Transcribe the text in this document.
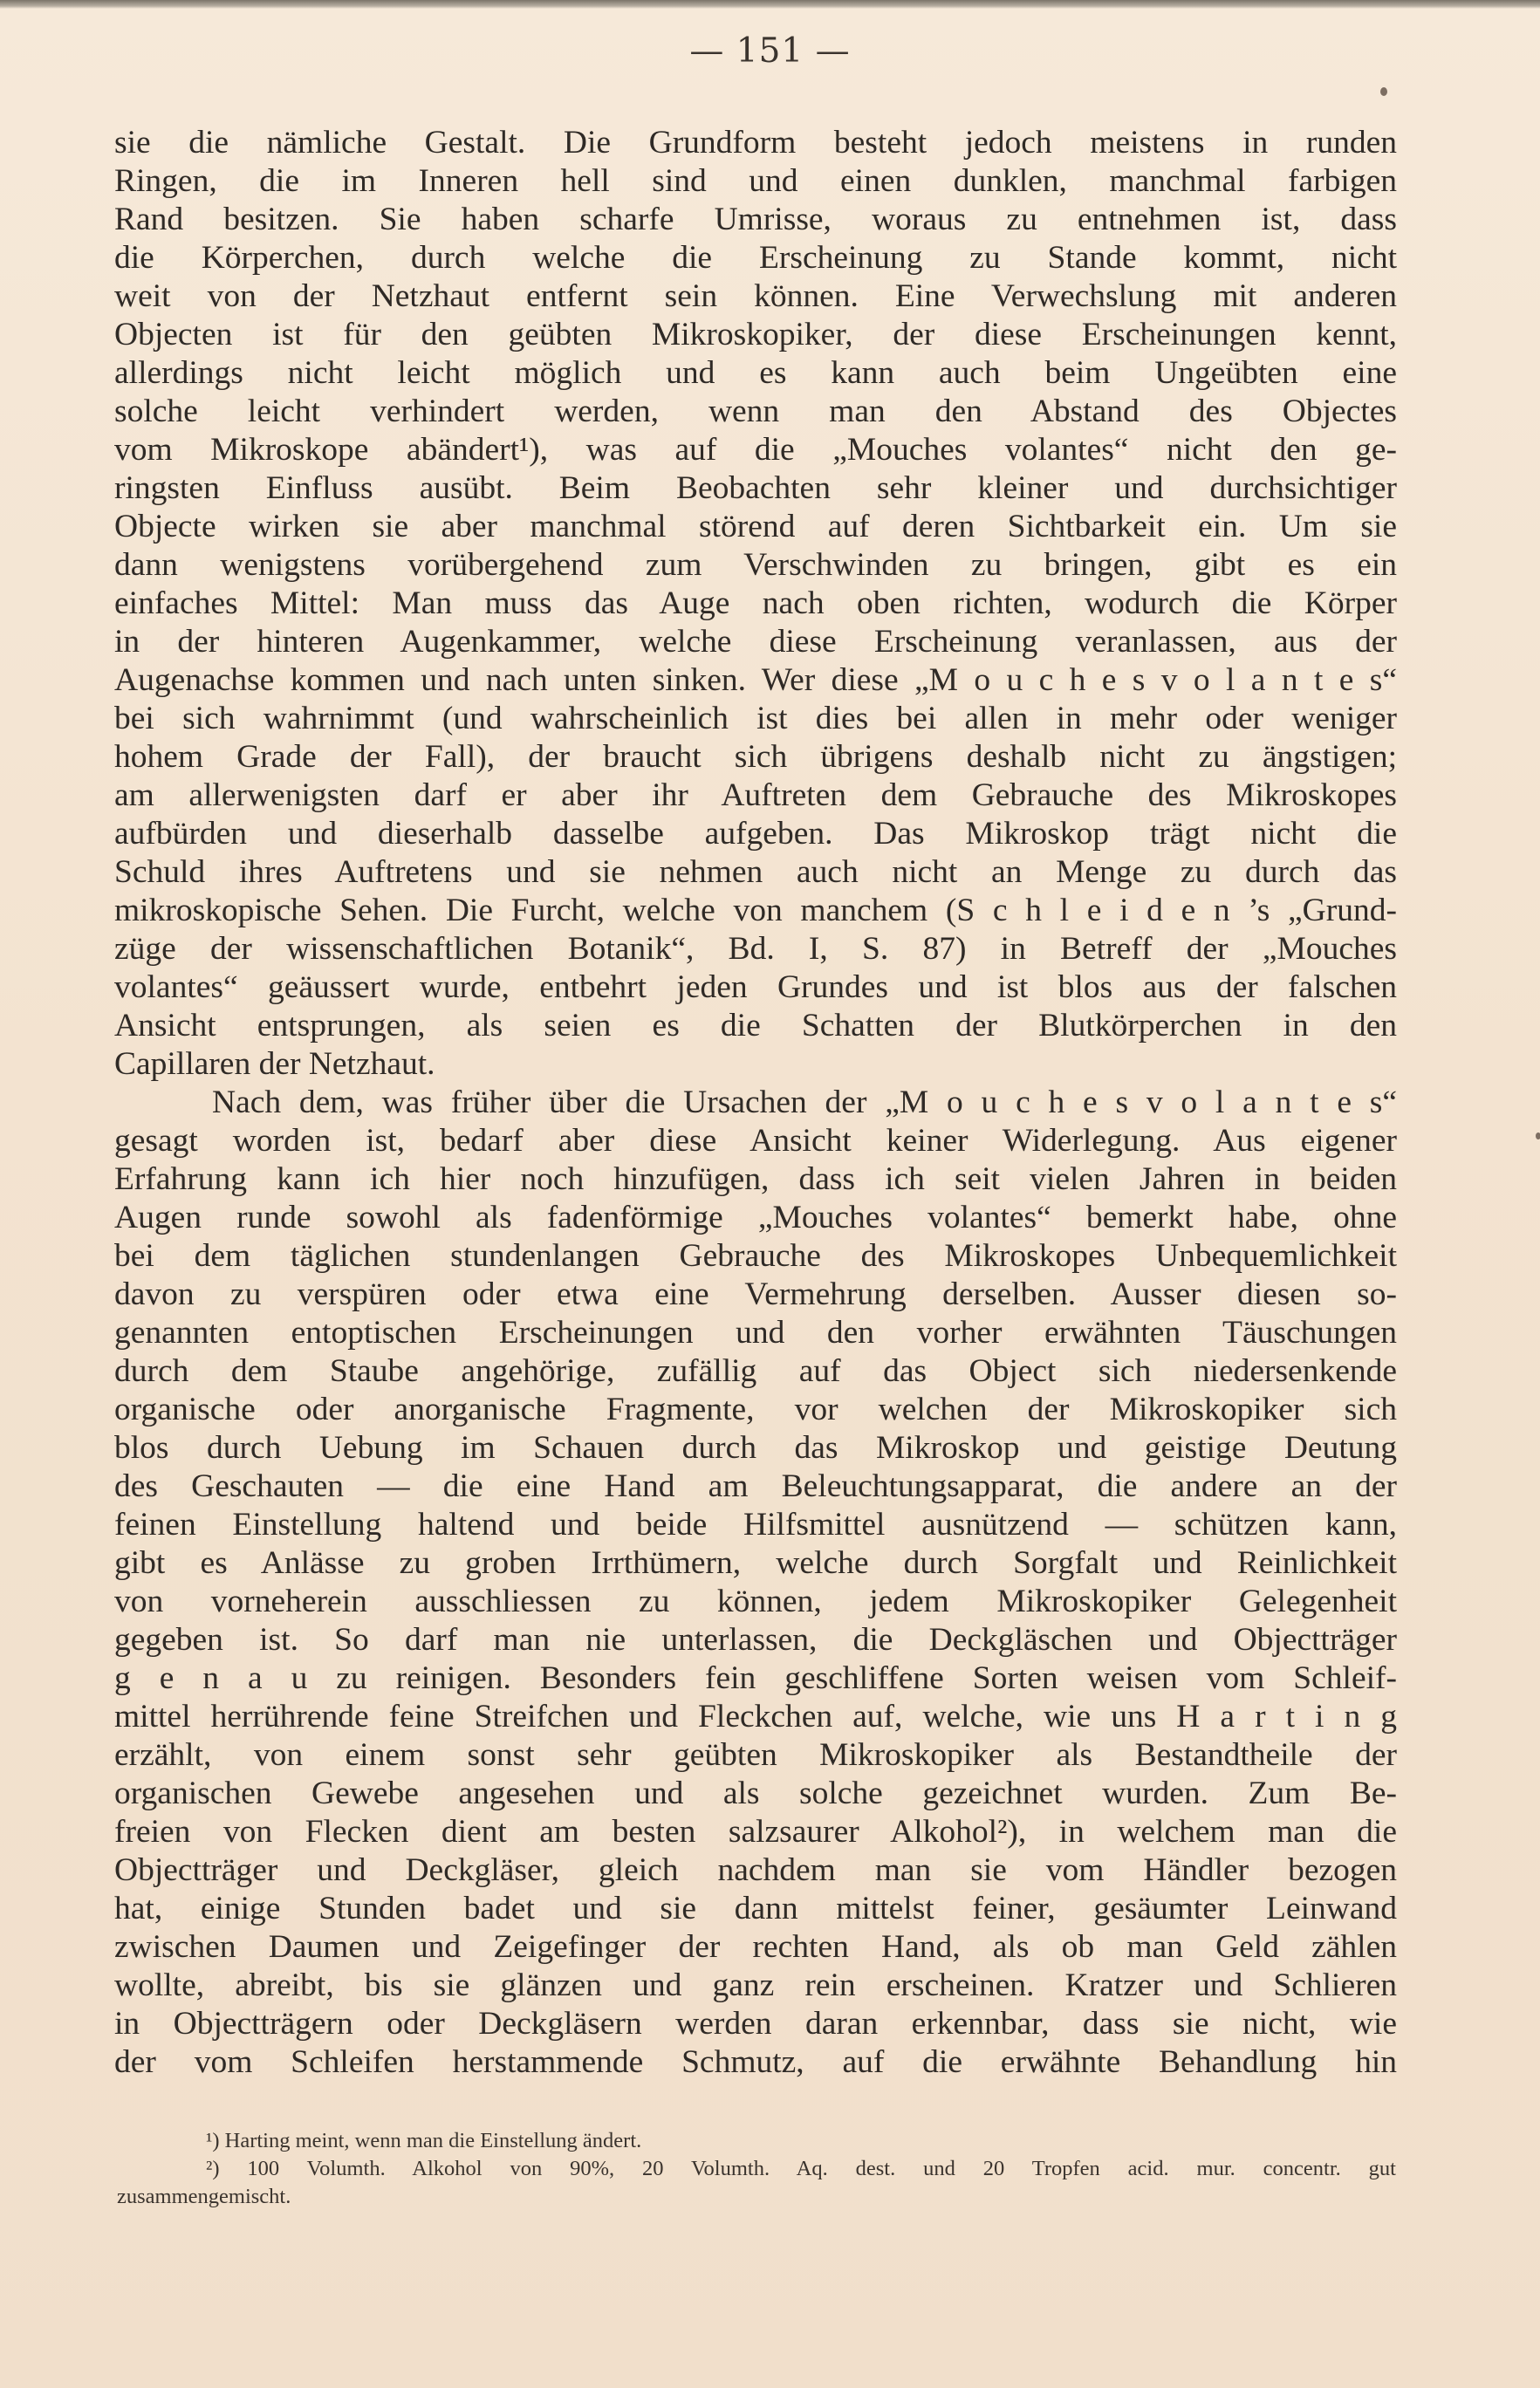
— 151 —
sie die nämliche Gestalt. Die Grundform besteht jedoch meistens in runden
Ringen, die im Inneren hell sind und einen dunklen, manchmal farbigen
Rand besitzen. Sie haben scharfe Umrisse, woraus zu entnehmen ist, dass
die Körperchen, durch welche die Erscheinung zu Stande kommt, nicht
weit von der Netzhaut entfernt sein können. Eine Verwechslung mit anderen
Objecten ist für den geübten Mikroskopiker, der diese Erscheinungen kennt,
allerdings nicht leicht möglich und es kann auch beim Ungeübten eine
solche leicht verhindert werden, wenn man den Abstand des Objectes
vom Mikroskope abändert¹), was auf die „Mouches volantes“ nicht den ge-
ringsten Einfluss ausübt. Beim Beobachten sehr kleiner und durchsichtiger
Objecte wirken sie aber manchmal störend auf deren Sichtbarkeit ein. Um sie
dann wenigstens vorübergehend zum Verschwinden zu bringen, gibt es ein
einfaches Mittel: Man muss das Auge nach oben richten, wodurch die Körper
in der hinteren Augenkammer, welche diese Erscheinung veranlassen, aus der
Augenachse kommen und nach unten sinken. Wer diese „M o u c h e s v o l a n t e s“
bei sich wahrnimmt (und wahrscheinlich ist dies bei allen in mehr oder weniger
hohem Grade der Fall), der braucht sich übrigens deshalb nicht zu ängstigen;
am allerwenigsten darf er aber ihr Auftreten dem Gebrauche des Mikroskopes
aufbürden und dieserhalb dasselbe aufgeben. Das Mikroskop trägt nicht die
Schuld ihres Auftretens und sie nehmen auch nicht an Menge zu durch das
mikroskopische Sehen. Die Furcht, welche von manchem (S c h l e i d e n ’s „Grund-
züge der wissenschaftlichen Botanik“, Bd. I, S. 87) in Betreff der „Mouches
volantes“ geäussert wurde, entbehrt jeden Grundes und ist blos aus der falschen
Ansicht entsprungen, als seien es die Schatten der Blutkörperchen in den
Capillaren der Netzhaut.
Nach dem, was früher über die Ursachen der „M o u c h e s v o l a n t e s“
gesagt worden ist, bedarf aber diese Ansicht keiner Widerlegung. Aus eigener
Erfahrung kann ich hier noch hinzufügen, dass ich seit vielen Jahren in beiden
Augen runde sowohl als fadenförmige „Mouches volantes“ bemerkt habe, ohne
bei dem täglichen stundenlangen Gebrauche des Mikroskopes Unbequemlichkeit
davon zu verspüren oder etwa eine Vermehrung derselben. Ausser diesen so-
genannten entoptischen Erscheinungen und den vorher erwähnten Täuschungen
durch dem Staube angehörige, zufällig auf das Object sich niedersenkende
organische oder anorganische Fragmente, vor welchen der Mikroskopiker sich
blos durch Uebung im Schauen durch das Mikroskop und geistige Deutung
des Geschauten — die eine Hand am Beleuchtungsapparat, die andere an der
feinen Einstellung haltend und beide Hilfsmittel ausnützend — schützen kann,
gibt es Anlässe zu groben Irrthümern, welche durch Sorgfalt und Reinlichkeit
von vorneherein ausschliessen zu können, jedem Mikroskopiker Gelegenheit
gegeben ist. So darf man nie unterlassen, die Deckgläschen und Objectträger
g e n a u zu reinigen. Besonders fein geschliffene Sorten weisen vom Schleif-
mittel herrührende feine Streifchen und Fleckchen auf, welche, wie uns H a r t i n g
erzählt, von einem sonst sehr geübten Mikroskopiker als Bestandtheile der
organischen Gewebe angesehen und als solche gezeichnet wurden. Zum Be-
freien von Flecken dient am besten salzsaurer Alkohol²), in welchem man die
Objectträger und Deckgläser, gleich nachdem man sie vom Händler bezogen
hat, einige Stunden badet und sie dann mittelst feiner, gesäumter Leinwand
zwischen Daumen und Zeigefinger der rechten Hand, als ob man Geld zählen
wollte, abreibt, bis sie glänzen und ganz rein erscheinen. Kratzer und Schlieren
in Objectträgern oder Deckgläsern werden daran erkennbar, dass sie nicht, wie
der vom Schleifen herstammende Schmutz, auf die erwähnte Behandlung hin
¹) Harting meint, wenn man die Einstellung ändert.
²) 100 Volumth. Alkohol von 90%, 20 Volumth. Aq. dest. und 20 Tropfen acid. mur. concentr. gut
zusammengemischt.
